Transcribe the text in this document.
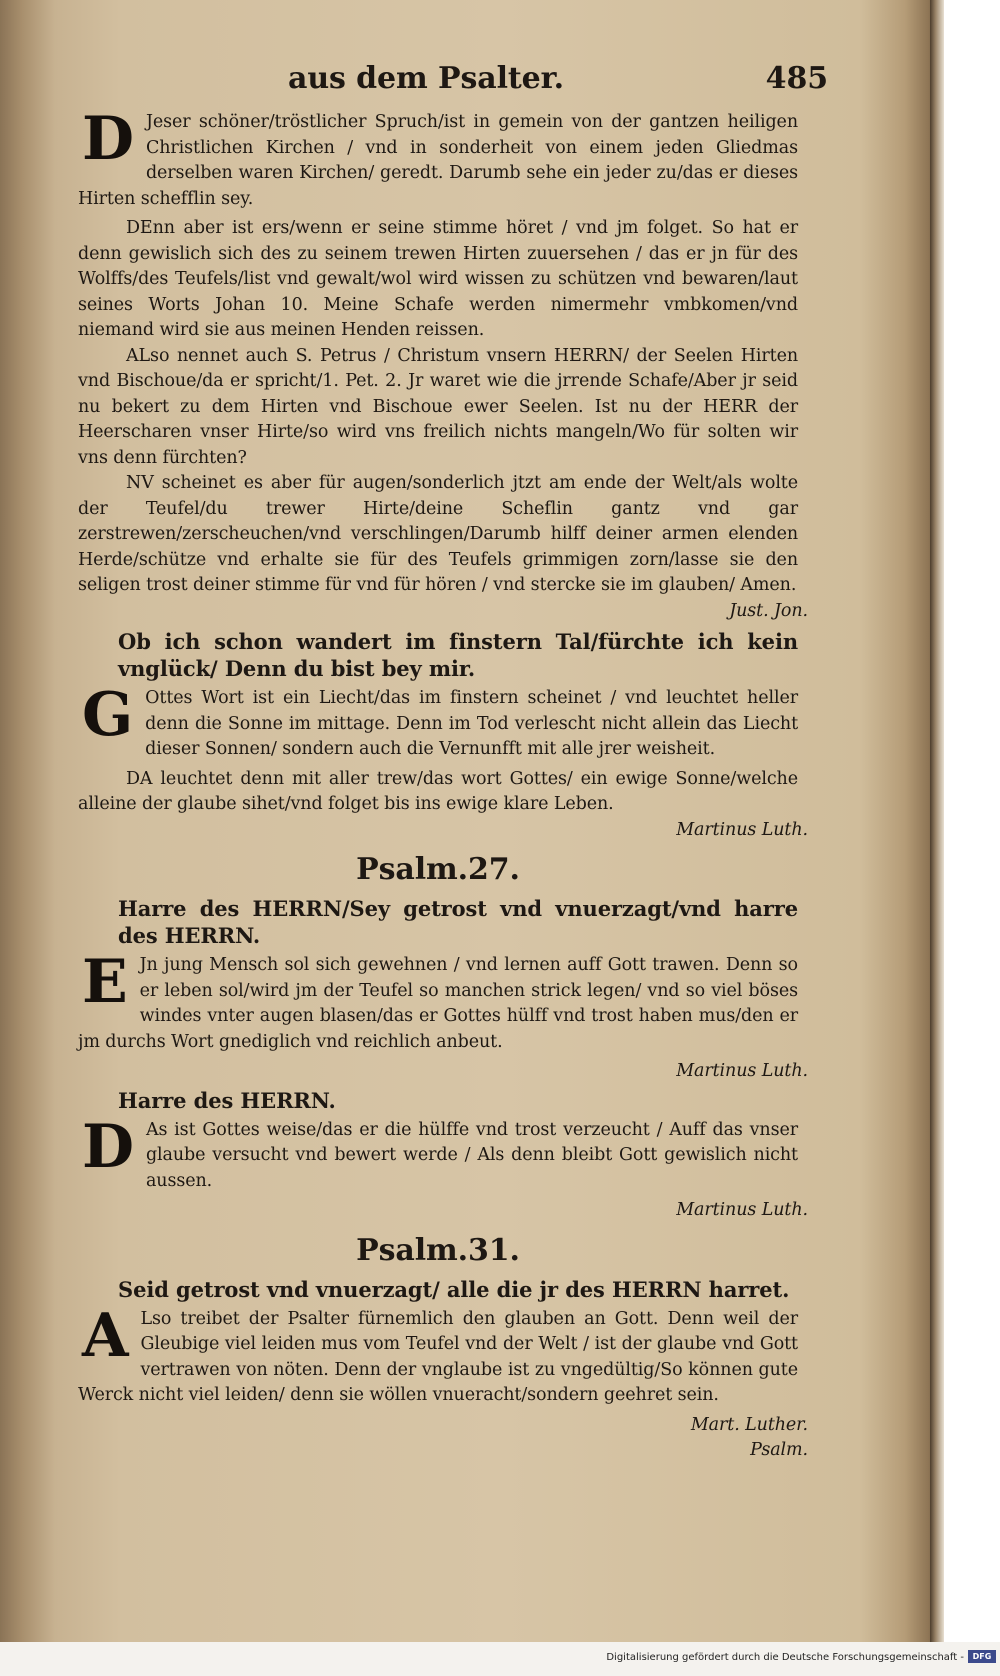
aus dem Psalter.	485

D Jeser schöner/tröstlicher Spruch/ist in gemein von der gantzen heiligen Christlichen Kirchen / vnd in sonderheit von einem jeden Gliedmas derselben waren Kirchen/ geredt. Darumb sehe ein jeder zu/das er dieses Hirten schefflin sey.

DEnn aber ist ers/wenn er seine stimme höret / vnd jm folget. So hat er denn gewislich sich des zu seinem trewen Hirten zuuersehen / das er jn für des Wolffs/des Teufels/list vnd gewalt/wol wird wissen zu schützen vnd bewaren/laut seines Worts Johan 10. Meine Schafe werden nimermehr vmbkomen/vnd niemand wird sie aus meinen Henden reissen.

ALso nennet auch S. Petrus / Christum vnsern HERRN/ der Seelen Hirten vnd Bischoue/da er spricht/1. Pet. 2. Jr waret wie die jrrende Schafe/Aber jr seid nu bekert zu dem Hirten vnd Bischoue ewer Seelen. Ist nu der HERR der Heerscharen vnser Hirte/so wird vns freilich nichts mangeln/Wo für solten wir vns denn fürchten?

NV scheinet es aber für augen/sonderlich jtzt am ende der Welt/als wolte der Teufel/du trewer Hirte/deine Scheflin gantz vnd gar zerstrewen/zerscheuchen/vnd verschlingen/Darumb hilff deiner armen elenden Herde/schütze vnd erhalte sie für des Teufels grimmigen zorn/lasse sie den seligen trost deiner stimme für vnd für hören / vnd stercke sie im glauben/ Amen.

Just. Jon.

Ob ich schon wandert im finstern Tal/fürchte ich kein vnglück/ Denn du bist bey mir.

G Ottes Wort ist ein Liecht/das im finstern scheinet / vnd leuchtet heller denn die Sonne im mittage. Denn im Tod verlescht nicht allein das Liecht dieser Sonnen/ sondern auch die Vernunfft mit alle jrer weisheit.

DA leuchtet denn mit aller trew/das wort Gottes/ ein ewige Sonne/welche alleine der glaube sihet/vnd folget bis ins ewige klare Leben.

Martinus Luth.

Psalm.27.

Harre des HERRN/Sey getrost vnd vnuerzagt/vnd harre des HERRN.

E Jn jung Mensch sol sich gewehnen / vnd lernen auff Gott trawen. Denn so er leben sol/wird jm der Teufel so manchen strick legen/ vnd so viel böses windes vnter augen blasen/das er Gottes hülff vnd trost haben mus/den er jm durchs Wort gnediglich vnd reichlich anbeut.

Martinus Luth.

Harre des HERRN.

D As ist Gottes weise/das er die hülffe vnd trost verzeucht / Auff das vnser glaube versucht vnd bewert werde / Als denn bleibt Gott gewislich nicht aussen.

Martinus Luth.

Psalm.31.

Seid getrost vnd vnuerzagt/ alle die jr des HERRN harret.

A Lso treibet der Psalter fürnemlich den glauben an Gott. Denn weil der Gleubige viel leiden mus vom Teufel vnd der Welt / ist der glaube vnd Gott vertrawen von nöten. Denn der vnglaube ist zu vngedültig/So können gute Werck nicht viel leiden/ denn sie wöllen vnueracht/sondern geehret sein.

Mart. Luther.

Psalm.

Digitalisierung gefördert durch die Deutsche Forschungsgemeinschaft -	DFG
